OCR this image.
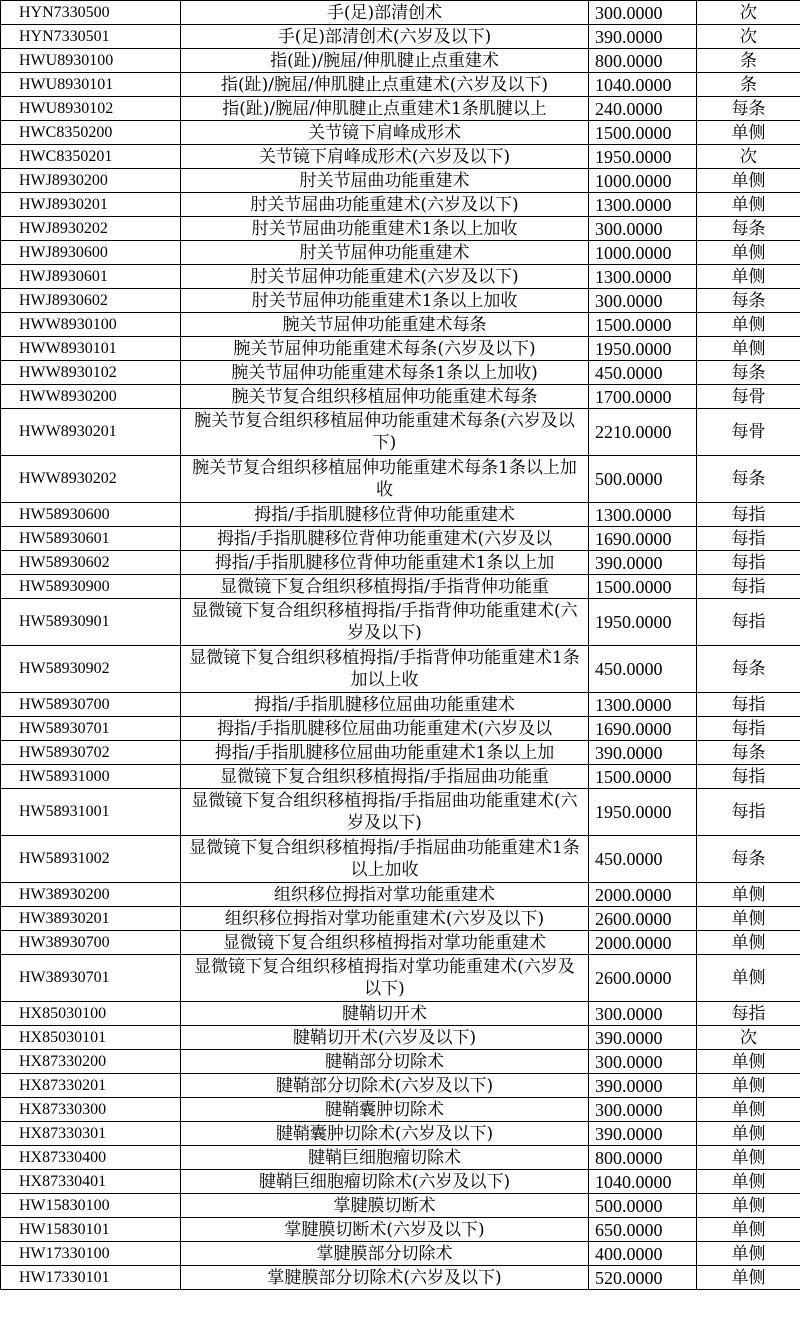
HYN7330500	手(足)部清创术	300.0000	次
HYN7330501	手(足)部清创术(六岁及以下)	390.0000	次
HWU8930100	指(趾)/腕屈/伸肌腱止点重建术	800.0000	条
HWU8930101	指(趾)/腕屈/伸肌腱止点重建术(六岁及以下)	1040.0000	条
HWU8930102	指(趾)/腕屈/伸肌腱止点重建术1条肌腱以上	240.0000	每条
HWC8350200	关节镜下肩峰成形术	1500.0000	单侧
HWC8350201	关节镜下肩峰成形术(六岁及以下)	1950.0000	次
HWJ8930200	肘关节屈曲功能重建术	1000.0000	单侧
HWJ8930201	肘关节屈曲功能重建术(六岁及以下)	1300.0000	单侧
HWJ8930202	肘关节屈曲功能重建术1条以上加收	300.0000	每条
HWJ8930600	肘关节屈伸功能重建术	1000.0000	单侧
HWJ8930601	肘关节屈伸功能重建术(六岁及以下)	1300.0000	单侧
HWJ8930602	肘关节屈伸功能重建术1条以上加收	300.0000	每条
HWW8930100	腕关节屈伸功能重建术每条	1500.0000	单侧
HWW8930101	腕关节屈伸功能重建术每条(六岁及以下)	1950.0000	单侧
HWW8930102	腕关节屈伸功能重建术每条1条以上加收)	450.0000	每条
HWW8930200	腕关节复合组织移植屈伸功能重建术每条	1700.0000	每骨
HWW8930201	腕关节复合组织移植屈伸功能重建术每条(六岁及以下)	2210.0000	每骨
HWW8930202	腕关节复合组织移植屈伸功能重建术每条1条以上加收	500.0000	每条
HW58930600	拇指/手指肌腱移位背伸功能重建术	1300.0000	每指
HW58930601	拇指/手指肌腱移位背伸功能重建术(六岁及以	1690.0000	每指
HW58930602	拇指/手指肌腱移位背伸功能重建术1条以上加	390.0000	每指
HW58930900	显微镜下复合组织移植拇指/手指背伸功能重	1500.0000	每指
HW58930901	显微镜下复合组织移植拇指/手指背伸功能重建术(六岁及以下)	1950.0000	每指
HW58930902	显微镜下复合组织移植拇指/手指背伸功能重建术1条加以上收	450.0000	每条
HW58930700	拇指/手指肌腱移位屈曲功能重建术	1300.0000	每指
HW58930701	拇指/手指肌腱移位屈曲功能重建术(六岁及以	1690.0000	每指
HW58930702	拇指/手指肌腱移位屈曲功能重建术1条以上加	390.0000	每条
HW58931000	显微镜下复合组织移植拇指/手指屈曲功能重	1500.0000	每指
HW58931001	显微镜下复合组织移植拇指/手指屈曲功能重建术(六岁及以下)	1950.0000	每指
HW58931002	显微镜下复合组织移植拇指/手指屈曲功能重建术1条以上加收	450.0000	每条
HW38930200	组织移位拇指对掌功能重建术	2000.0000	单侧
HW38930201	组织移位拇指对掌功能重建术(六岁及以下)	2600.0000	单侧
HW38930700	显微镜下复合组织移植拇指对掌功能重建术	2000.0000	单侧
HW38930701	显微镜下复合组织移植拇指对掌功能重建术(六岁及以下)	2600.0000	单侧
HX85030100	腱鞘切开术	300.0000	每指
HX85030101	腱鞘切开术(六岁及以下)	390.0000	次
HX87330200	腱鞘部分切除术	300.0000	单侧
HX87330201	腱鞘部分切除术(六岁及以下)	390.0000	单侧
HX87330300	腱鞘囊肿切除术	300.0000	单侧
HX87330301	腱鞘囊肿切除术(六岁及以下)	390.0000	单侧
HX87330400	腱鞘巨细胞瘤切除术	800.0000	单侧
HX87330401	腱鞘巨细胞瘤切除术(六岁及以下)	1040.0000	单侧
HW15830100	掌腱膜切断术	500.0000	单侧
HW15830101	掌腱膜切断术(六岁及以下)	650.0000	单侧
HW17330100	掌腱膜部分切除术	400.0000	单侧
HW17330101	掌腱膜部分切除术(六岁及以下)	520.0000	单侧
